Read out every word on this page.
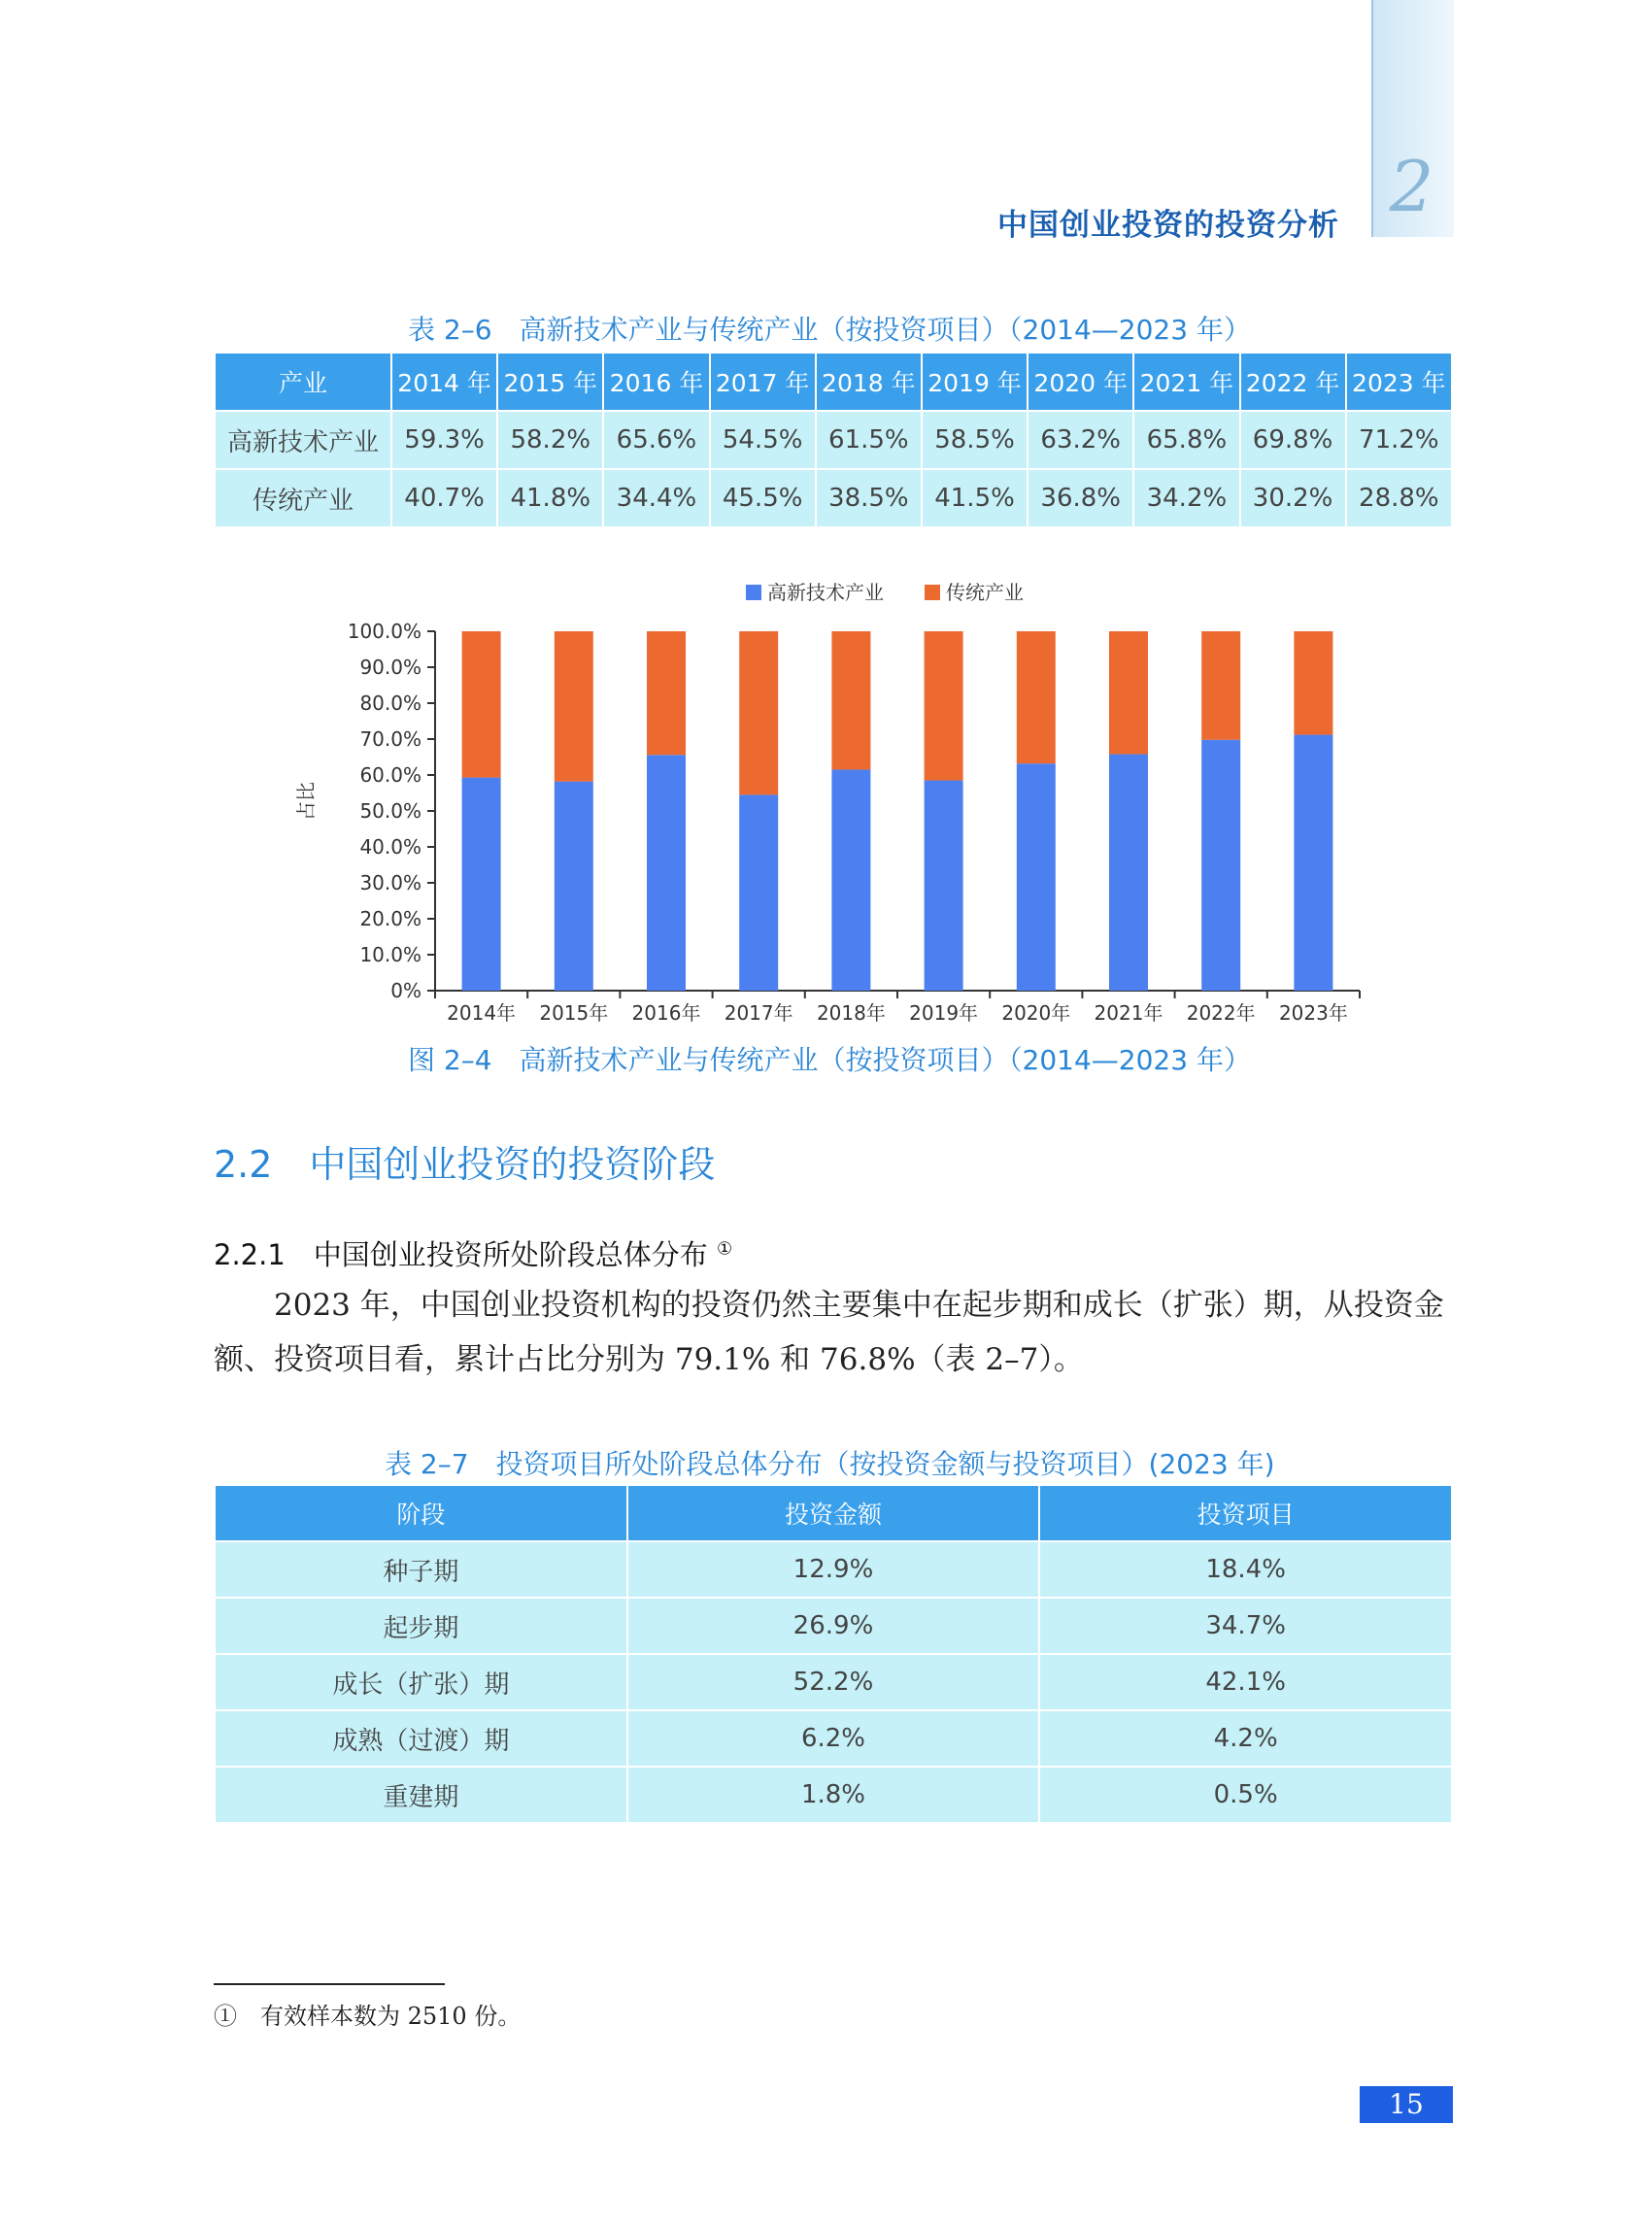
2
中国创业投资的投资分析
表 2–6　高新技术产业与传统产业（按投资项目）（2014—2023 年）
产业	2014 年	2015 年	2016 年	2017 年	2018 年	2019 年	2020 年	2021 年	2022 年	2023 年
高新技术产业	59.3%	58.2%	65.6%	54.5%	61.5%	58.5%	63.2%	65.8%	69.8%	71.2%
传统产业	40.7%	41.8%	34.4%	45.5%	38.5%	41.5%	36.8%	34.2%	30.2%	28.8%
高新技术产业	传统产业
占比
0%
10.0%
20.0%
30.0%
40.0%
50.0%
60.0%
70.0%
80.0%
90.0%
100.0%
2014年 2015年 2016年 2017年 2018年 2019年 2020年 2021年 2022年 2023年
图 2–4　高新技术产业与传统产业（按投资项目）（2014—2023 年）
2.2　中国创业投资的投资阶段
2.2.1　中国创业投资所处阶段总体分布 ①

2023 年，中国创业投资机构的投资仍然主要集中在起步期和成长（扩张）期，从投资金额、投资项目看，累计占比分别为 79.1% 和 76.8%（表 2–7）。

表 2–7　投资项目所处阶段总体分布（按投资金额与投资项目）(2023 年)
阶段	投资金额	投资项目
种子期	12.9%	18.4%
起步期	26.9%	34.7%
成长（扩张）期	52.2%	42.1%
成熟（过渡）期	6.2%	4.2%
重建期	1.8%	0.5%
①　有效样本数为 2510 份。
15
